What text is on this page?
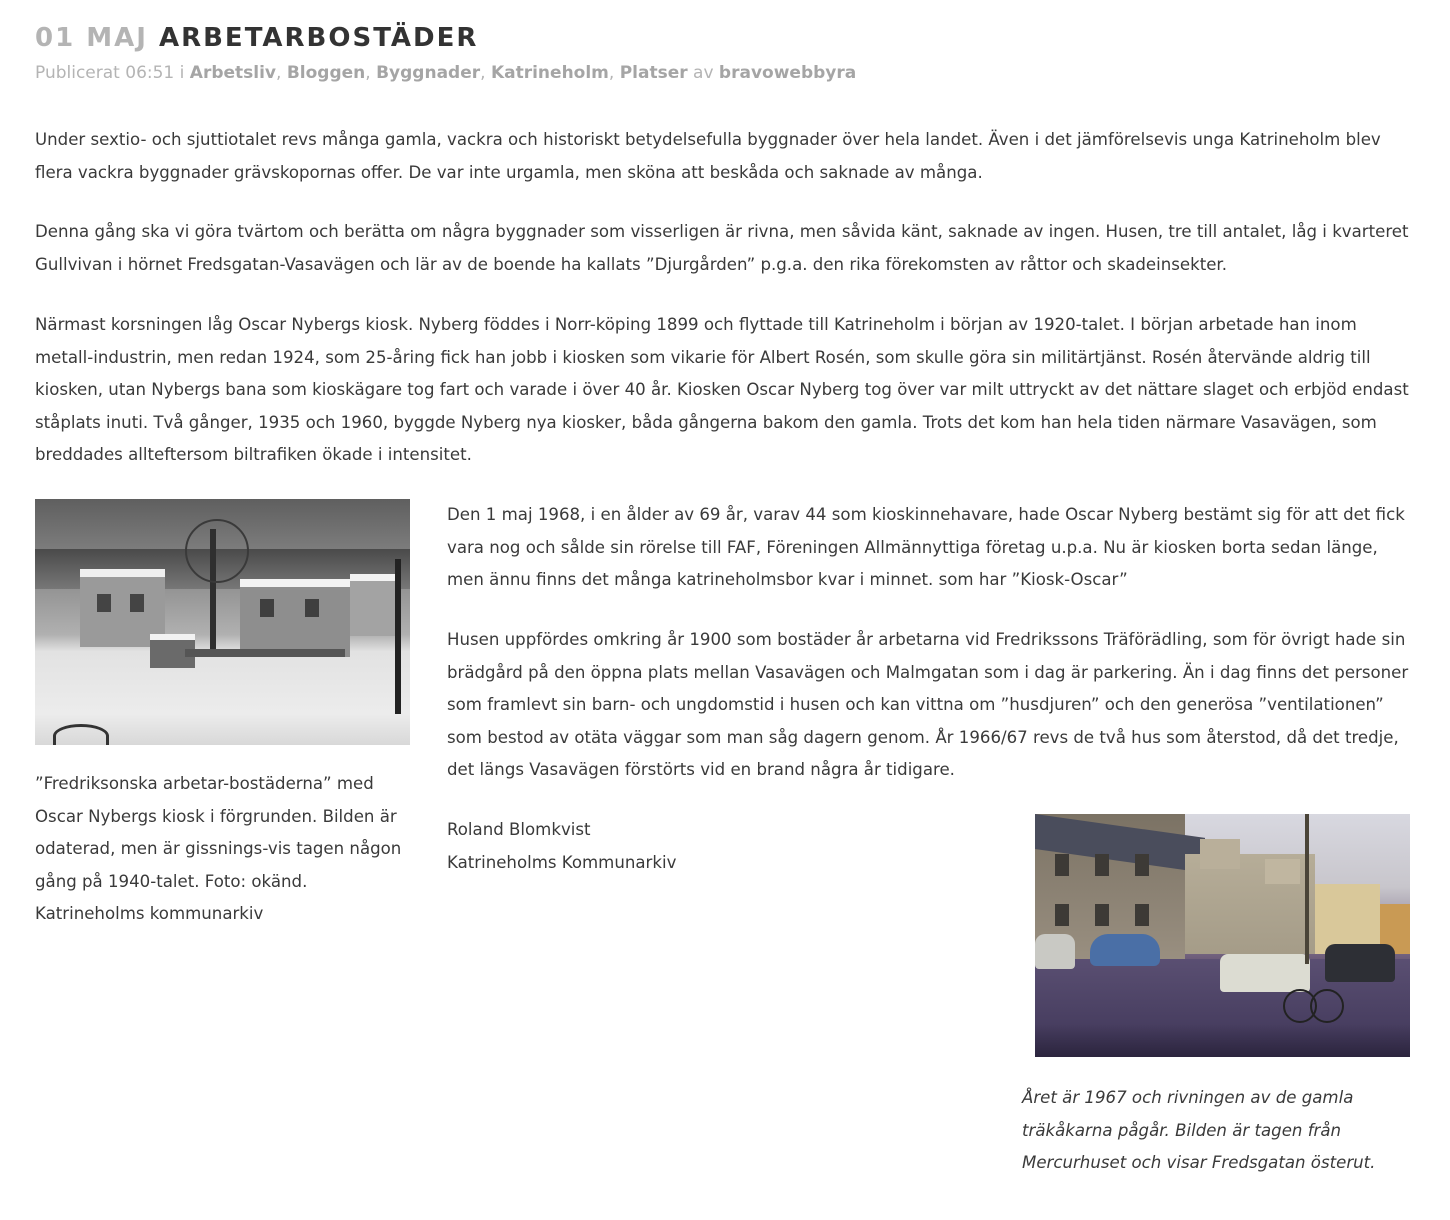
01 MAJ ARBETARBOSTÄDER
Publicerat 06:51 i Arbetsliv, Bloggen, Byggnader, Katrineholm, Platser av bravowebbyra

Under sextio- och sjuttiotalet revs många gamla, vackra och historiskt betydelsefulla byggnader över hela landet. Även i det jämförelsevis unga Katrineholm blev flera vackra byggnader grävskopornas offer. De var inte urgamla, men sköna att beskåda och saknade av många.

Denna gång ska vi göra tvärtom och berätta om några byggnader som visserligen är rivna, men såvida känt, saknade av ingen. Husen, tre till antalet, låg i kvarteret Gullvivan i hörnet Fredsgatan-Vasavägen och lär av de boende ha kallats ”Djurgården” p.g.a. den rika förekomsten av råttor och skadeinsekter.

Närmast korsningen låg Oscar Nybergs kiosk. Nyberg föddes i Norr-köping 1899 och flyttade till Katrineholm i början av 1920-talet. I början arbetade han inom metall-industrin, men redan 1924, som 25-åring fick han jobb i kiosken som vikarie för Albert Rosén, som skulle göra sin militärtjänst. Rosén återvände aldrig till kiosken, utan Nybergs bana som kioskägare tog fart och varade i över 40 år. Kiosken Oscar Nyberg tog över var milt uttryckt av det nättare slaget och erbjöd endast ståplats inuti. Två gånger, 1935 och 1960, byggde Nyberg nya kiosker, båda gångerna bakom den gamla. Trots det kom han hela tiden närmare Vasavägen, som breddades allteftersom biltrafiken ökade i intensitet.

”Fredriksonska arbetar-bostäderna” med Oscar Nybergs kiosk i förgrunden. Bilden är odaterad, men är gissnings-vis tagen någon gång på 1940-talet. Foto: okänd. Katrineholms kommunarkiv

Den 1 maj 1968, i en ålder av 69 år, varav 44 som kioskinnehavare, hade Oscar Nyberg bestämt sig för att det fick vara nog och sålde sin rörelse till FAF, Föreningen Allmännyttiga företag u.p.a. Nu är kiosken borta sedan länge, men ännu finns det många katrineholmsbor kvar i minnet. som har ”Kiosk-Oscar”

Husen uppfördes omkring år 1900 som bostäder år arbetarna vid Fredrikssons Träförädling, som för övrigt hade sin brädgård på den öppna plats mellan Vasavägen och Malmgatan som i dag är parkering. Än i dag finns det personer som framlevt sin barn- och ungdomstid i husen och kan vittna om ”husdjuren” och den generösa ”ventilationen” som bestod av otäta väggar som man såg dagern genom. År 1966/67 revs de två hus som återstod, då det tredje, det längs Vasavägen förstörts vid en brand några år tidigare.

Roland Blomkvist
Katrineholms Kommunarkiv
Året är 1967 och rivningen av de gamla träkåkarna pågår. Bilden är tagen från Mercurhuset och visar Fredsgatan österut.
